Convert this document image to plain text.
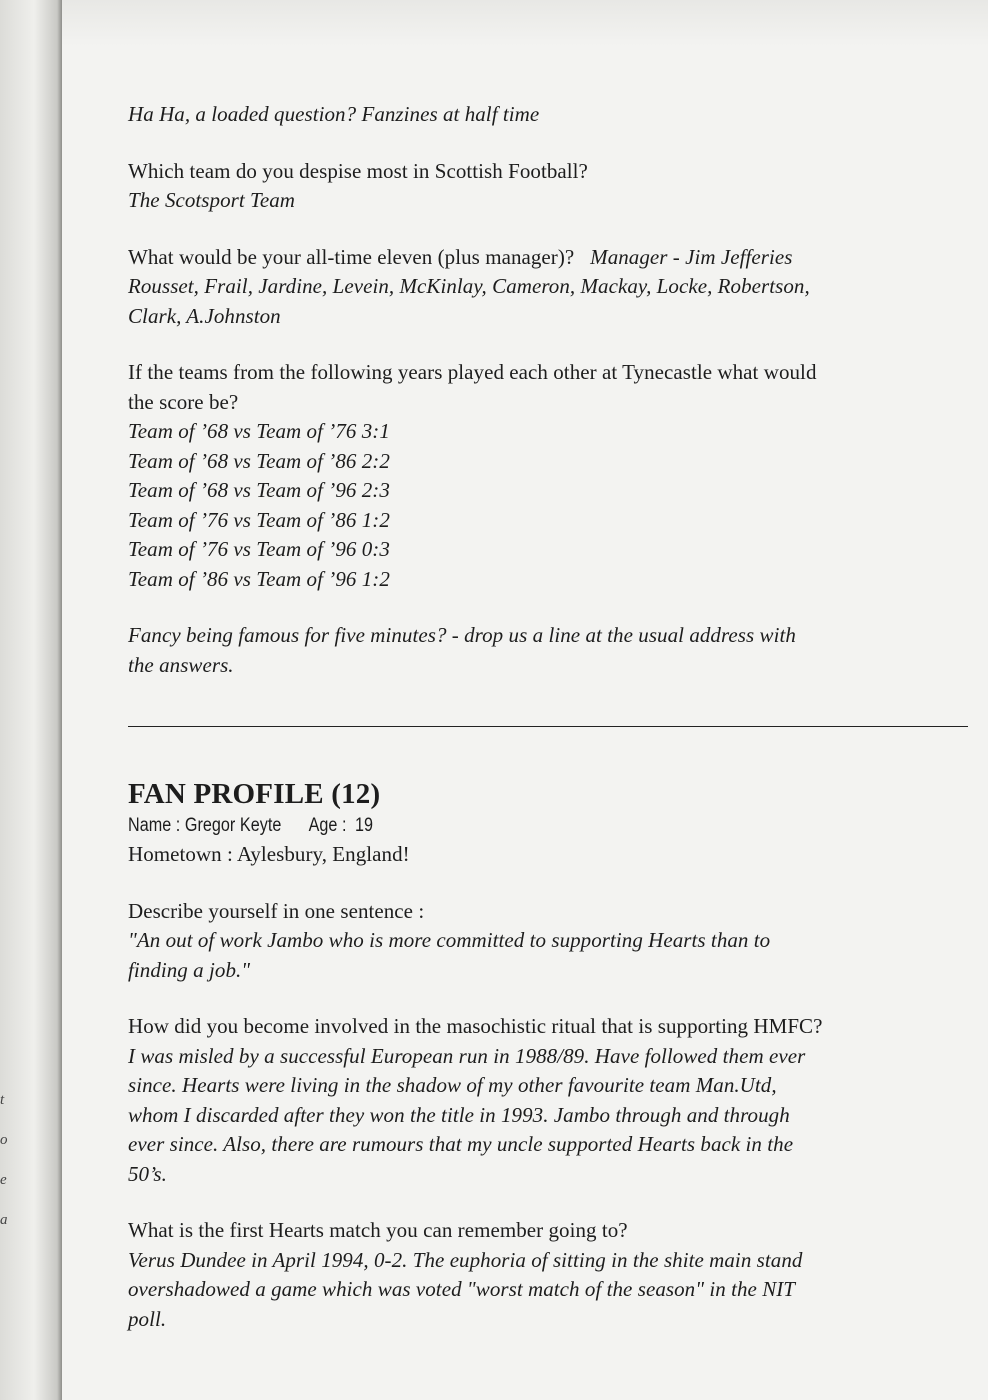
t
o
e
a
Ha Ha, a loaded question? Fanzines at half time
Which team do you despise most in Scottish Football?
The Scotsport Team
What would be your all-time eleven (plus manager)? Manager - Jim Jefferies
Rousset, Frail, Jardine, Levein, McKinlay, Cameron, Mackay, Locke, Robertson,
Clark, A.Johnston
If the teams from the following years played each other at Tynecastle what would
the score be?
Team of ’68 vs Team of ’76 3:1
Team of ’68 vs Team of ’86 2:2
Team of ’68 vs Team of ’96 2:3
Team of ’76 vs Team of ’86 1:2
Team of ’76 vs Team of ’96 0:3
Team of ’86 vs Team of ’96 1:2
Fancy being famous for five minutes? - drop us a line at the usual address with
the answers.
FAN PROFILE (12)
Name : Gregor Keyte Age : 19
Hometown : Aylesbury, England!
Describe yourself in one sentence :
"An out of work Jambo who is more committed to supporting Hearts than to
finding a job."
How did you become involved in the masochistic ritual that is supporting HMFC?
I was misled by a successful European run in 1988/89. Have followed them ever
since. Hearts were living in the shadow of my other favourite team Man.Utd,
whom I discarded after they won the title in 1993. Jambo through and through
ever since. Also, there are rumours that my uncle supported Hearts back in the
50’s.
What is the first Hearts match you can remember going to?
Verus Dundee in April 1994, 0-2. The euphoria of sitting in the shite main stand
overshadowed a game which was voted "worst match of the season" in the NIT
poll.
